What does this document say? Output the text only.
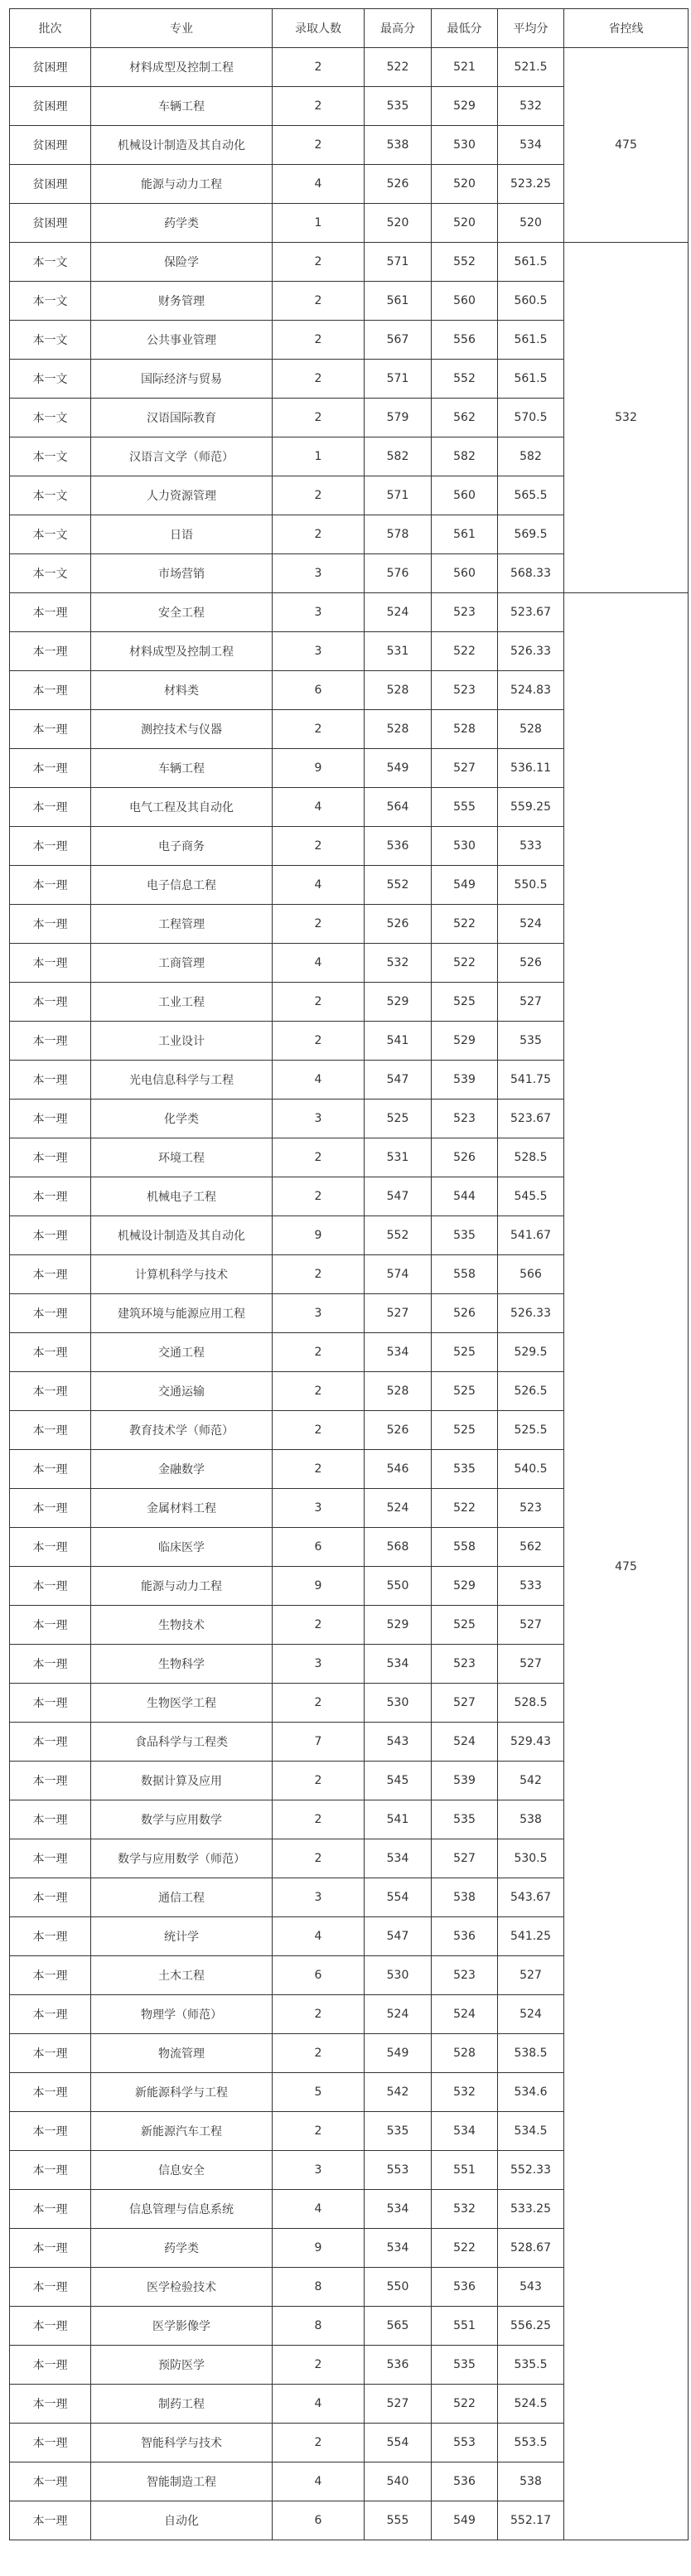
批次	专业	录取人数	最高分	最低分	平均分	省控线
贫困理	材料成型及控制工程	2	522	521	521.5	475
贫困理	车辆工程	2	535	529	532	
贫困理	机械设计制造及其自动化	2	538	530	534	
贫困理	能源与动力工程	4	526	520	523.25	
贫困理	药学类	1	520	520	520	
本一文	保险学	2	571	552	561.5	532
本一文	财务管理	2	561	560	560.5	
本一文	公共事业管理	2	567	556	561.5	
本一文	国际经济与贸易	2	571	552	561.5	
本一文	汉语国际教育	2	579	562	570.5	
本一文	汉语言文学（师范）	1	582	582	582	
本一文	人力资源管理	2	571	560	565.5	
本一文	日语	2	578	561	569.5	
本一文	市场营销	3	576	560	568.33	
本一理	安全工程	3	524	523	523.67	475
本一理	材料成型及控制工程	3	531	522	526.33	
本一理	材料类	6	528	523	524.83	
本一理	测控技术与仪器	2	528	528	528	
本一理	车辆工程	9	549	527	536.11	
本一理	电气工程及其自动化	4	564	555	559.25	
本一理	电子商务	2	536	530	533	
本一理	电子信息工程	4	552	549	550.5	
本一理	工程管理	2	526	522	524	
本一理	工商管理	4	532	522	526	
本一理	工业工程	2	529	525	527	
本一理	工业设计	2	541	529	535	
本一理	光电信息科学与工程	4	547	539	541.75	
本一理	化学类	3	525	523	523.67	
本一理	环境工程	2	531	526	528.5	
本一理	机械电子工程	2	547	544	545.5	
本一理	机械设计制造及其自动化	9	552	535	541.67	
本一理	计算机科学与技术	2	574	558	566	
本一理	建筑环境与能源应用工程	3	527	526	526.33	
本一理	交通工程	2	534	525	529.5	
本一理	交通运输	2	528	525	526.5	
本一理	教育技术学（师范）	2	526	525	525.5	
本一理	金融数学	2	546	535	540.5	
本一理	金属材料工程	3	524	522	523	
本一理	临床医学	6	568	558	562	
本一理	能源与动力工程	9	550	529	533	
本一理	生物技术	2	529	525	527	
本一理	生物科学	3	534	523	527	
本一理	生物医学工程	2	530	527	528.5	
本一理	食品科学与工程类	7	543	524	529.43	
本一理	数据计算及应用	2	545	539	542	
本一理	数学与应用数学	2	541	535	538	
本一理	数学与应用数学（师范）	2	534	527	530.5	
本一理	通信工程	3	554	538	543.67	
本一理	统计学	4	547	536	541.25	
本一理	土木工程	6	530	523	527	
本一理	物理学（师范）	2	524	524	524	
本一理	物流管理	2	549	528	538.5	
本一理	新能源科学与工程	5	542	532	534.6	
本一理	新能源汽车工程	2	535	534	534.5	
本一理	信息安全	3	553	551	552.33	
本一理	信息管理与信息系统	4	534	532	533.25	
本一理	药学类	9	534	522	528.67	
本一理	医学检验技术	8	550	536	543	
本一理	医学影像学	8	565	551	556.25	
本一理	预防医学	2	536	535	535.5	
本一理	制药工程	4	527	522	524.5	
本一理	智能科学与技术	2	554	553	553.5	
本一理	智能制造工程	4	540	536	538	
本一理	自动化	6	555	549	552.17	
